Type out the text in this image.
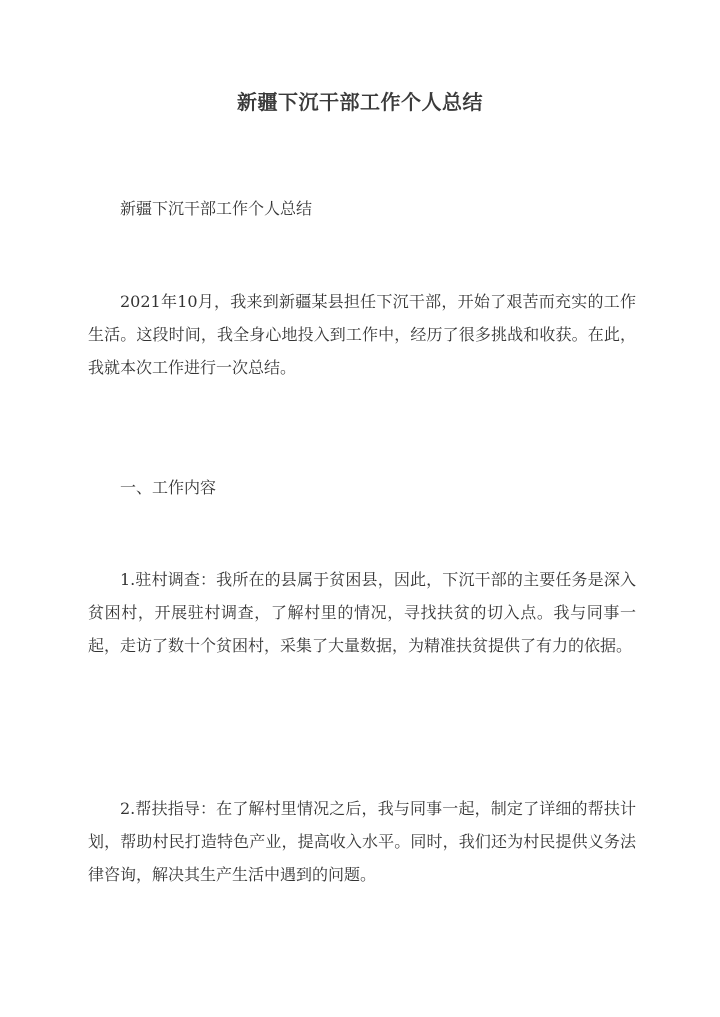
新疆下沉干部工作个人总结

新疆下沉干部工作个人总结

2021年10月，我来到新疆某县担任下沉干部，开始了艰苦而充实的工作生活。这段时间，我全身心地投入到工作中，经历了很多挑战和收获。在此，我就本次工作进行一次总结。

一、工作内容

1.驻村调查：我所在的县属于贫困县，因此，下沉干部的主要任务是深入贫困村，开展驻村调查，了解村里的情况，寻找扶贫的切入点。我与同事一起，走访了数十个贫困村，采集了大量数据，为精准扶贫提供了有力的依据。

2.帮扶指导：在了解村里情况之后，我与同事一起，制定了详细的帮扶计划，帮助村民打造特色产业，提高收入水平。同时，我们还为村民提供义务法律咨询，解决其生产生活中遇到的问题。
